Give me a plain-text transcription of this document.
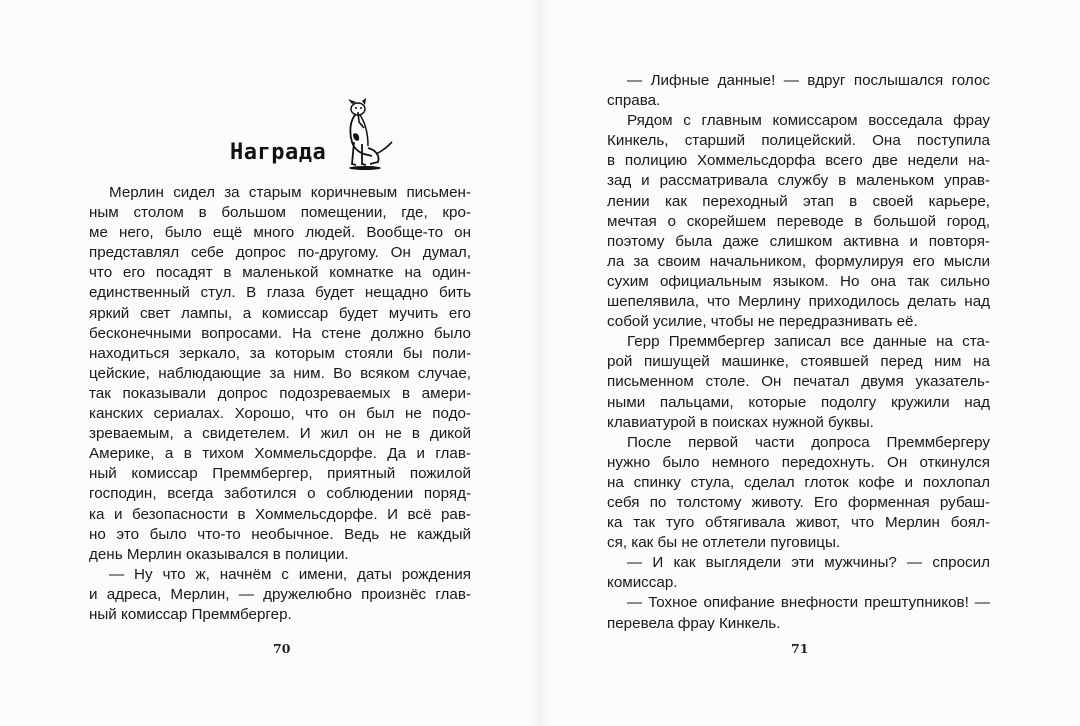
Награда
Мерлин сидел за старым коричневым письмен-
ным столом в большом помещении, где, кро-
ме него, было ещё много людей. Вообще-то он
представлял себе допрос по-другому. Он думал,
что его посадят в маленькой комнатке на один-
единственный стул. В глаза будет нещадно бить
яркий свет лампы, а комиссар будет мучить его
бесконечными вопросами. На стене должно было
находиться зеркало, за которым стояли бы поли-
цейские, наблюдающие за ним. Во всяком случае,
так показывали допрос подозреваемых в амери-
канских сериалах. Хорошо, что он был не подо-
зреваемым, а свидетелем. И жил он не в дикой
Америке, а в тихом Хоммельсдорфе. Да и глав-
ный комиссар Преммбергер, приятный пожилой
господин, всегда заботился о соблюдении поряд-
ка и безопасности в Хоммельсдорфе. И всё рав-
но это было что-то необычное. Ведь не каждый
день Мерлин оказывался в полиции.
— Ну что ж, начнём с имени, даты рождения
и адреса, Мерлин, — дружелюбно произнёс глав-
ный комиссар Преммбергер.
— Лифные данные! — вдруг послышался голос
справа.
Рядом с главным комиссаром восседала фрау
Кинкель, старший полицейский. Она поступила
в полицию Хоммельсдорфа всего две недели на-
зад и рассматривала службу в маленьком управ-
лении как переходный этап в своей карьере,
мечтая о скорейшем переводе в большой город,
поэтому была даже слишком активна и повторя-
ла за своим начальником, формулируя его мысли
сухим официальным языком. Но она так сильно
шепелявила, что Мерлину приходилось делать над
собой усилие, чтобы не передразнивать её.
Герр Преммбергер записал все данные на ста-
рой пишущей машинке, стоявшей перед ним на
письменном столе. Он печатал двумя указатель-
ными пальцами, которые подолгу кружили над
клавиатурой в поисках нужной буквы.
После первой части допроса Преммбергеру
нужно было немного передохнуть. Он откинулся
на спинку стула, сделал глоток кофе и похлопал
себя по толстому животу. Его форменная рубаш-
ка так туго обтягивала живот, что Мерлин боял-
ся, как бы не отлетели пуговицы.
— И как выглядели эти мужчины? — спросил
комиссар.
— Тохное опифание внефности прештупников! —
перевела фрау Кинкель.
70	71
